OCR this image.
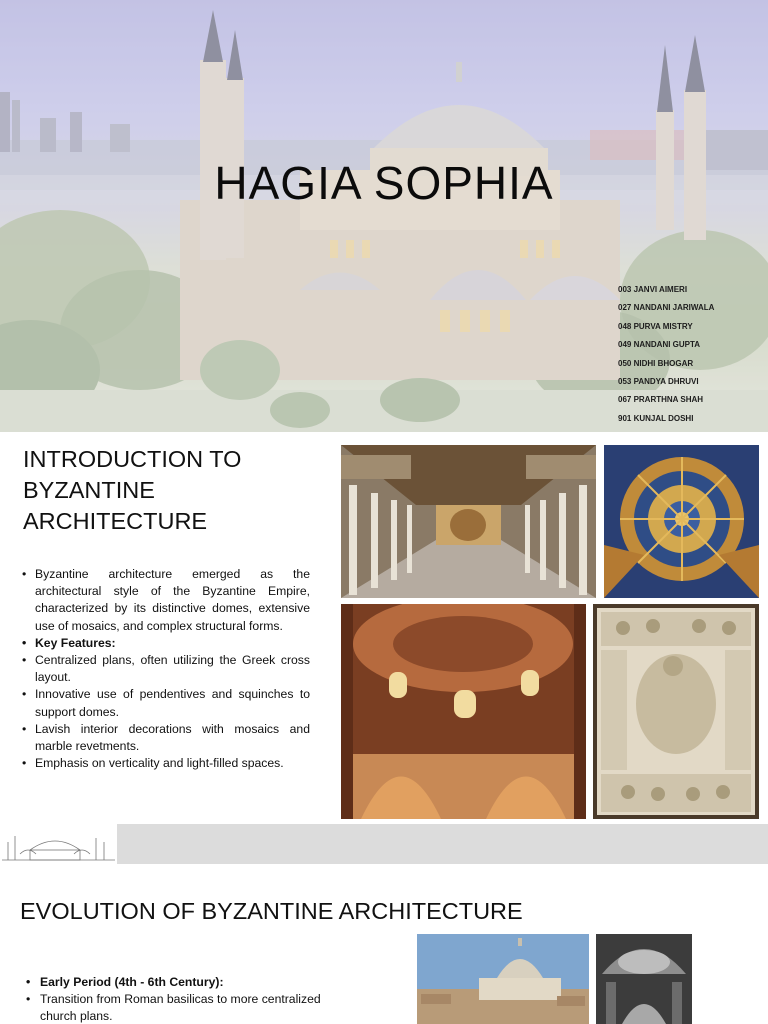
HAGIA SOPHIA
003 JANVI AIMERI
027 NANDANI JARIWALA
048 PURVA MISTRY
049 NANDANI GUPTA
050 NIDHI BHOGAR
053 PANDYA DHRUVI
067 PRARTHNA SHAH
901 KUNJAL DOSHI
INTRODUCTION TO
BYZANTINE
ARCHITECTURE
• Byzantine architecture emerged as the architectural style of the Byzantine Empire, characterized by its distinctive domes, extensive use of mosaics, and complex structural forms.
• Key Features:
• Centralized plans, often utilizing the Greek cross layout.
• Innovative use of pendentives and squinches to support domes.
• Lavish interior decorations with mosaics and marble revetments.
• Emphasis on verticality and light-filled spaces.
EVOLUTION OF BYZANTINE ARCHITECTURE
• Early Period (4th - 6th Century):
• Transition from Roman basilicas to more centralized church plans.
